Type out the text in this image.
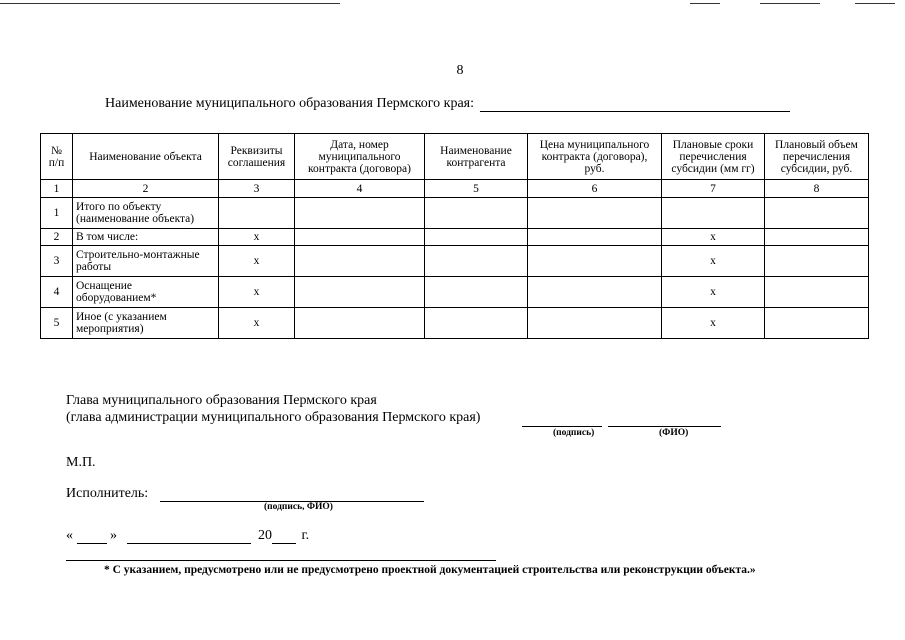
8
Наименование муниципального образования Пермского края:
№
п/п	Наименование объекта	Реквизиты соглашения	Дата, номер муниципального контракта (договора)	Наименование контрагента	Цена муниципального контракта (договора), руб.	Плановые сроки перечисления субсидии (мм гг)	Плановый объем перечисления субсидии, руб.
1	2	3	4	5	6	7	8
1	Итого по объекту (наименование объекта)						
2	В том числе:	x				x	
3	Строительно-монтажные работы	x				x	
4	Оснащение оборудованием*	x				x	
5	Иное (с указанием мероприятия)	x				x	
Глава муниципального образования Пермского края
(глава администрации муниципального образования Пермского края)
(подпись)	(ФИО)
М.П.
Исполнитель:
(подпись, ФИО)
«	»	20 г.
* С указанием, предусмотрено или не предусмотрено проектной документацией строительства или реконструкции объекта.»
